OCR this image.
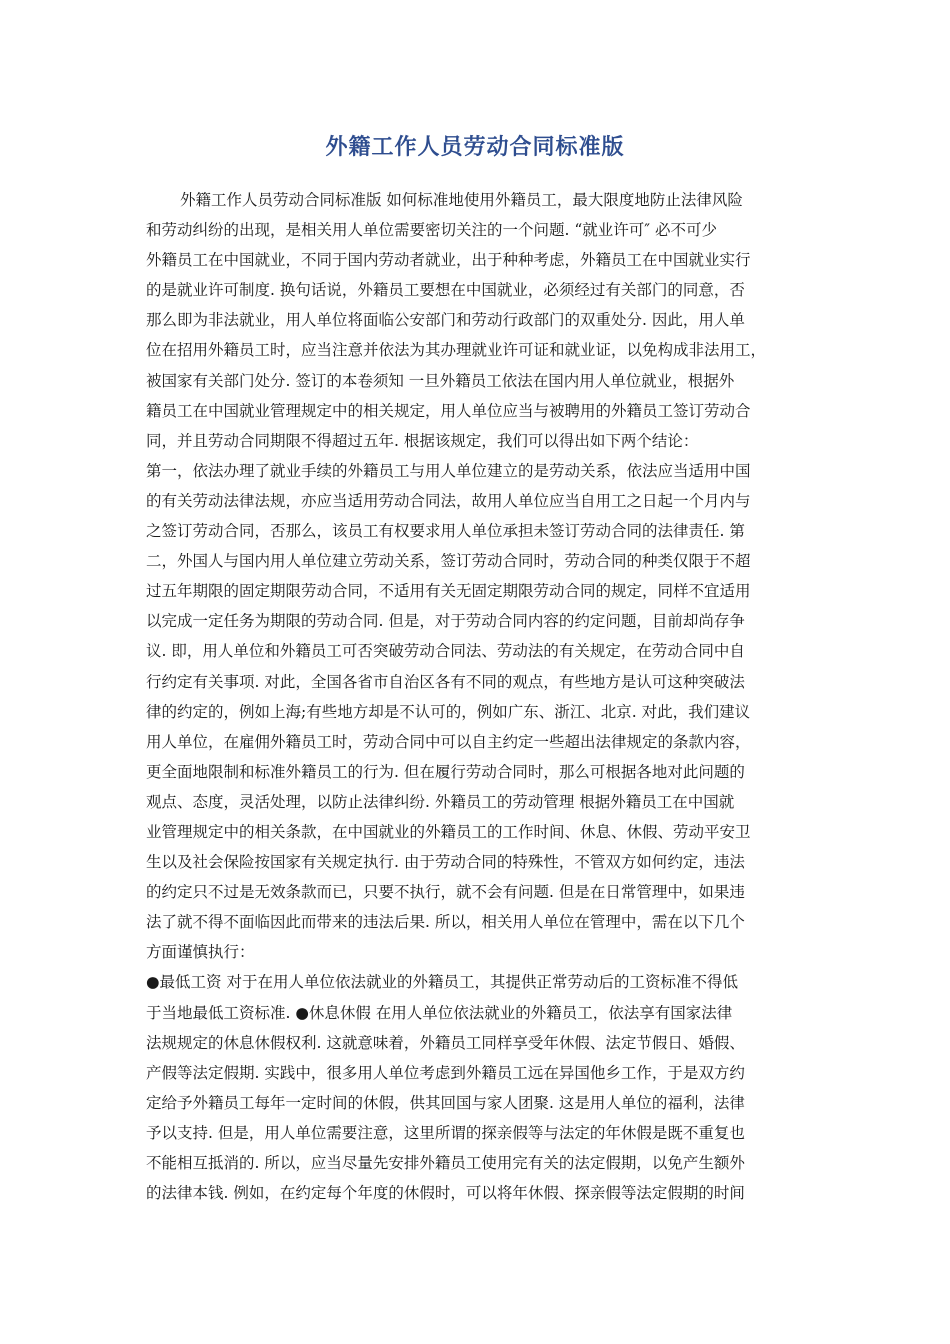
外籍工作人员劳动合同标准版
外籍工作人员劳动合同标准版 如何标准地使用外籍员工，最大限度地防止法律风险
和劳动纠纷的出现，是相关用人单位需要密切关注的一个问题. “就业许可″ 必不可少
外籍员工在中国就业，不同于国内劳动者就业，出于种种考虑，外籍员工在中国就业实行
的是就业许可制度. 换句话说，外籍员工要想在中国就业，必须经过有关部门的同意，否
那么即为非法就业，用人单位将面临公安部门和劳动行政部门的双重处分. 因此，用人单
位在招用外籍员工时，应当注意并依法为其办理就业许可证和就业证，以免构成非法用工，
被国家有关部门处分. 签订的本卷须知 一旦外籍员工依法在国内用人单位就业，根据外
籍员工在中国就业管理规定中的相关规定，用人单位应当与被聘用的外籍员工签订劳动合
同，并且劳动合同期限不得超过五年. 根据该规定，我们可以得出如下两个结论：
第一，依法办理了就业手续的外籍员工与用人单位建立的是劳动关系，依法应当适用中国
的有关劳动法律法规，亦应当适用劳动合同法，故用人单位应当自用工之日起一个月内与
之签订劳动合同，否那么，该员工有权要求用人单位承担未签订劳动合同的法律责任. 第
二，外国人与国内用人单位建立劳动关系，签订劳动合同时，劳动合同的种类仅限于不超
过五年期限的固定期限劳动合同，不适用有关无固定期限劳动合同的规定，同样不宜适用
以完成一定任务为期限的劳动合同. 但是，对于劳动合同内容的约定问题，目前却尚存争
议. 即，用人单位和外籍员工可否突破劳动合同法、劳动法的有关规定，在劳动合同中自
行约定有关事项. 对此，全国各省市自治区各有不同的观点，有些地方是认可这种突破法
律的约定的，例如上海;有些地方却是不认可的，例如广东、浙江、北京. 对此，我们建议
用人单位，在雇佣外籍员工时，劳动合同中可以自主约定一些超出法律规定的条款内容，
更全面地限制和标准外籍员工的行为. 但在履行劳动合同时，那么可根据各地对此问题的
观点、态度，灵活处理，以防止法律纠纷. 外籍员工的劳动管理 根据外籍员工在中国就
业管理规定中的相关条款，在中国就业的外籍员工的工作时间、休息、休假、劳动平安卫
生以及社会保险按国家有关规定执行. 由于劳动合同的特殊性，不管双方如何约定，违法
的约定只不过是无效条款而已，只要不执行，就不会有问题. 但是在日常管理中，如果违
法了就不得不面临因此而带来的违法后果. 所以，相关用人单位在管理中，需在以下几个
方面谨慎执行：
●最低工资 对于在用人单位依法就业的外籍员工，其提供正常劳动后的工资标准不得低
于当地最低工资标准. ●休息休假 在用人单位依法就业的外籍员工，依法享有国家法律
法规规定的休息休假权利. 这就意味着，外籍员工同样享受年休假、法定节假日、婚假、
产假等法定假期. 实践中，很多用人单位考虑到外籍员工远在异国他乡工作，于是双方约
定给予外籍员工每年一定时间的休假，供其回国与家人团聚. 这是用人单位的福利，法律
予以支持. 但是，用人单位需要注意，这里所谓的探亲假等与法定的年休假是既不重复也
不能相互抵消的. 所以，应当尽量先安排外籍员工使用完有关的法定假期，以免产生额外
的法律本钱. 例如，在约定每个年度的休假时，可以将年休假、探亲假等法定假期的时间
